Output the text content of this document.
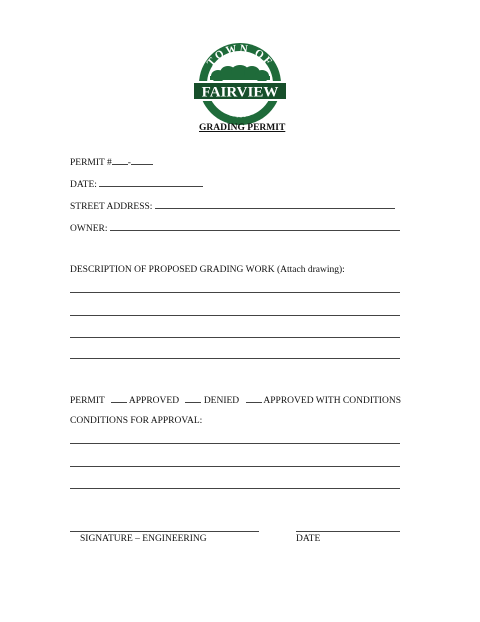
TOWN OF
FAIRVIEW
TEXAS
GRADING PERMIT
PERMIT # -
DATE:
STREET ADDRESS:
OWNER:
DESCRIPTION OF PROPOSED GRADING WORK (Attach drawing):
PERMIT	APPROVED	DENIED	APPROVED WITH CONDITIONS
CONDITIONS FOR APPROVAL:
SIGNATURE – ENGINEERING	DATE
